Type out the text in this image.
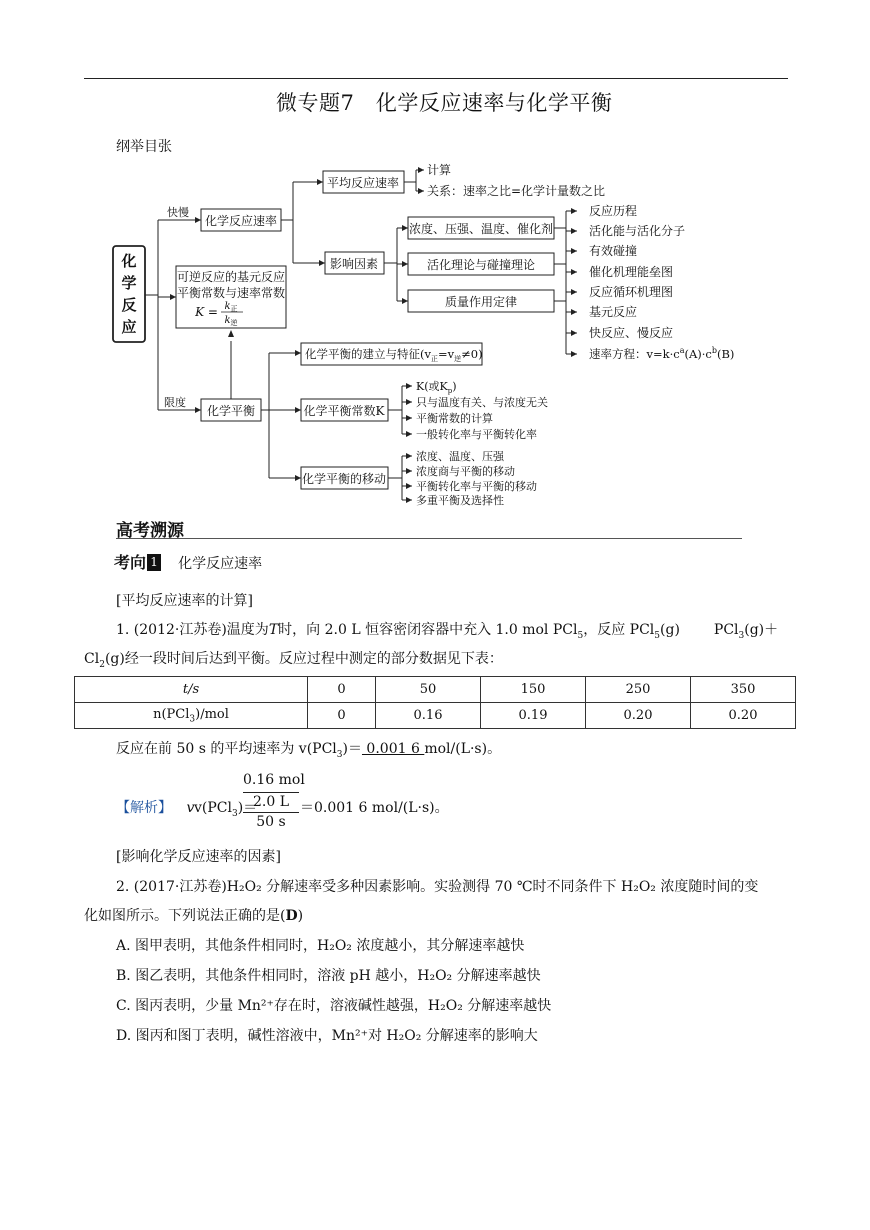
微专题7　化学反应速率与化学平衡
纲举目张
化
学
反
应
快慢
限度
化学反应速率
平均反应速率
计算
关系：速率之比=化学计量数之比
影响因素
浓度、压强、温度、催化剂
活化理论与碰撞理论
质量作用定律
反应历程
活化能与活化分子
有效碰撞
催化机理能垒图
反应循环机理图
基元反应
快反应、慢反应
速率方程：$v=k\cdot c^a(A)\cdot c^b(B)$
可逆反应的基元反应
平衡常数与速率常数
$K = k_正$
$k_逆$
化学平衡
化学平衡的建立与特征$(v_正=v_逆\ne 0)$
化学平衡常数K
K(或$K_p$)
只与温度有关、与浓度无关
平衡常数的计算
一般转化率与平衡转化率
化学平衡的移动
浓度、温度、压强
浓度商与平衡的移动
平衡转化率与平衡的移动
多重平衡及选择性
高考溯源
考向 1 化学反应速率
[平均反应速率的计算]
1. (2012·江苏卷)温度为T时，向 2.0 L 恒容密闭容器中充入 1.0 mol PCl$_5$，反应 PCl$_5$(g) PCl$_3$(g)＋
$Cl_2(g)$经一段时间后达到平衡。反应过程中测定的部分数据见下表：
t/s	0	50	150	250	350
n(PCl$_3$)/mol	0	0.16	0.19	0.20	0.20
反应在前 50 s 的平均速率为 v(PCl$_3$)＝ 0.001 6 mol/(L·s)。
【解析】 v v(PCl$_3$)＝
0.16 mol
2.0 L
50 s
＝0.001 6 mol/(L·s)。
[影响化学反应速率的因素]
2. (2017·江苏卷)H₂O₂ 分解速率受多种因素影响。实验测得 70 ℃时不同条件下 H₂O₂ 浓度随时间的变
化如图所示。下列说法正确的是(D)
A. 图甲表明，其他条件相同时，H₂O₂ 浓度越小，其分解速率越快
B. 图乙表明，其他条件相同时，溶液 pH 越小，H₂O₂ 分解速率越快
C. 图丙表明，少量 Mn²⁺存在时，溶液碱性越强，H₂O₂ 分解速率越快
D. 图丙和图丁表明，碱性溶液中，Mn²⁺对 H₂O₂ 分解速率的影响大
